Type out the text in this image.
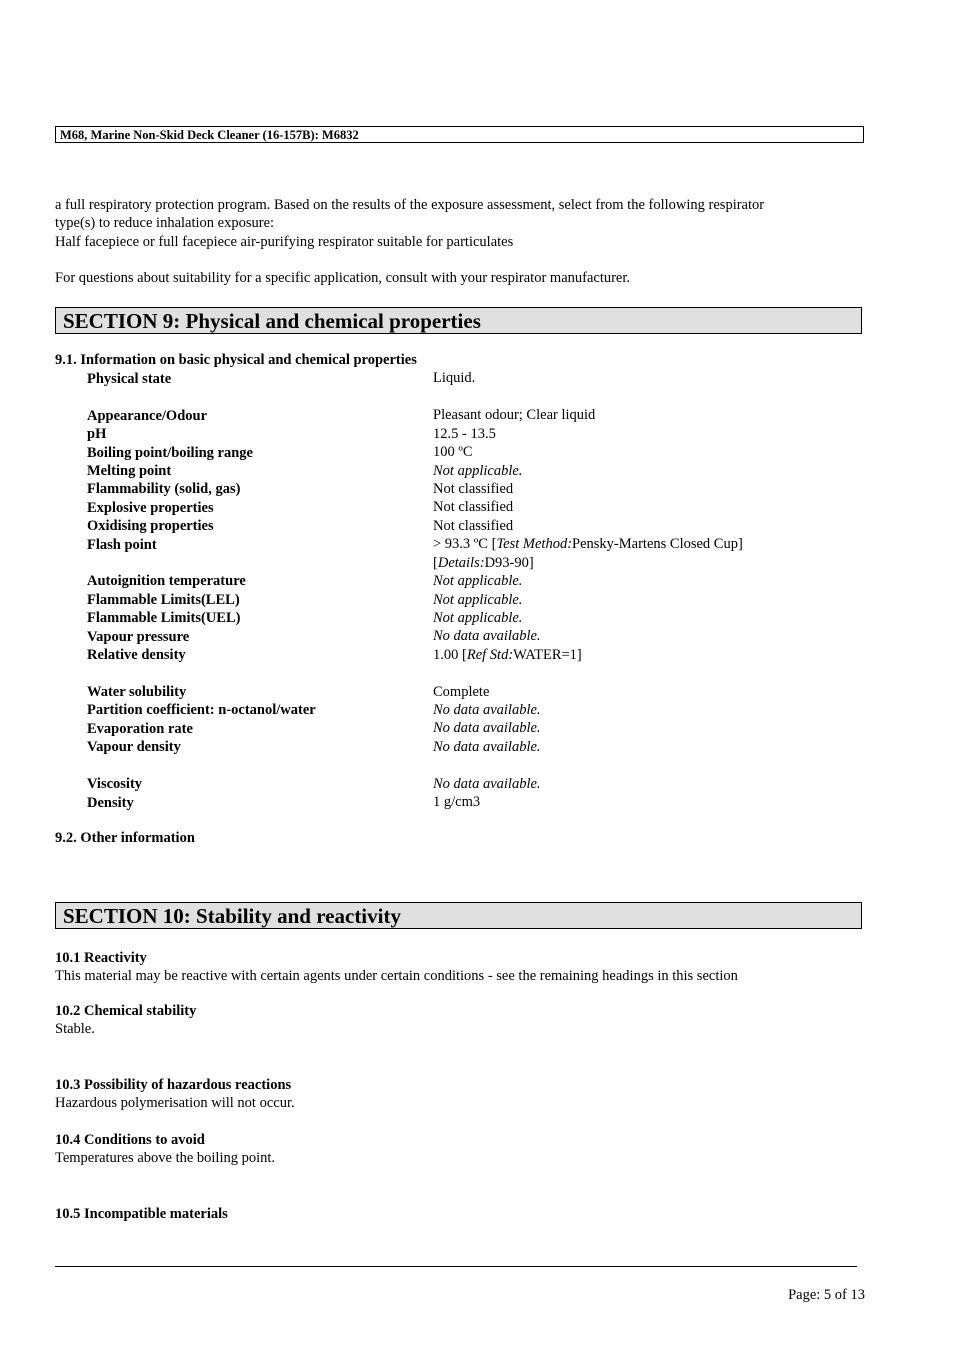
M68, Marine Non-Skid Deck Cleaner (16-157B): M6832
a full respiratory protection program. Based on the results of the exposure assessment, select from the following respirator
type(s) to reduce inhalation exposure:
Half facepiece or full facepiece air-purifying respirator suitable for particulates
For questions about suitability for a specific application, consult with your respirator manufacturer.
SECTION 9: Physical and chemical properties
9.1. Information on basic physical and chemical properties
Physical state	Liquid.
Appearance/Odour	Pleasant odour; Clear liquid
pH	12.5 - 13.5
Boiling point/boiling range	100 ºC
Melting point	Not applicable.
Flammability (solid, gas)	Not classified
Explosive properties	Not classified
Oxidising properties	Not classified
Flash point	> 93.3 ºC [Test Method:Pensky-Martens Closed Cup]
[Details:D93-90]
Autoignition temperature	Not applicable.
Flammable Limits(LEL)	Not applicable.
Flammable Limits(UEL)	Not applicable.
Vapour pressure	No data available.
Relative density	1.00 [Ref Std:WATER=1]
Water solubility	Complete
Partition coefficient: n-octanol/water	No data available.
Evaporation rate	No data available.
Vapour density	No data available.
Viscosity	No data available.
Density	1 g/cm3
9.2. Other information
SECTION 10: Stability and reactivity
10.1 Reactivity
This material may be reactive with certain agents under certain conditions - see the remaining headings in this section
10.2 Chemical stability
Stable.
10.3 Possibility of hazardous reactions
Hazardous polymerisation will not occur.
10.4 Conditions to avoid
Temperatures above the boiling point.
10.5 Incompatible materials
Page: 5 of 13
